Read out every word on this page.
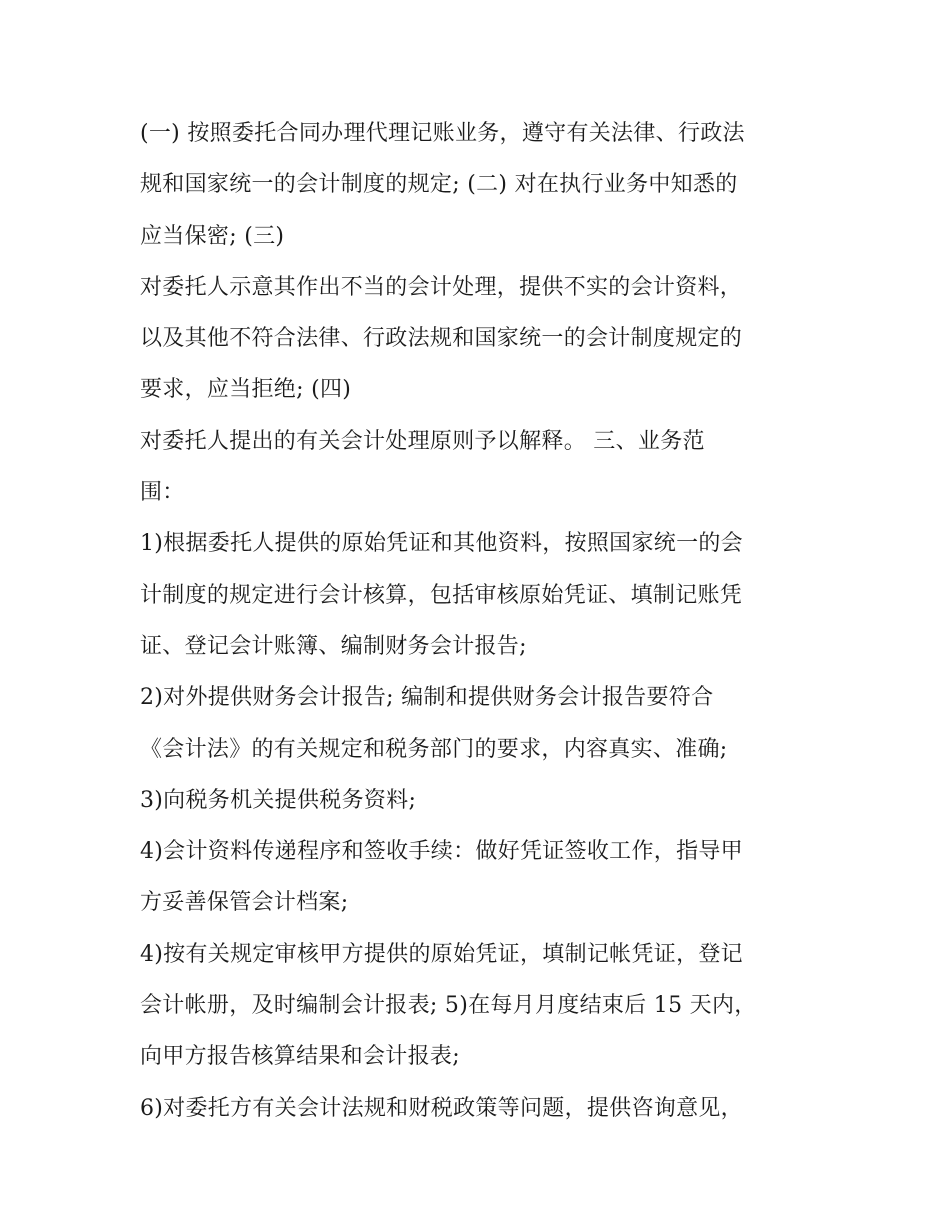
(一) 按照委托合同办理代理记账业务，遵守有关法律、行政法
规和国家统一的会计制度的规定; (二) 对在执行业务中知悉的
应当保密; (三)
对委托人示意其作出不当的会计处理，提供不实的会计资料，
以及其他不符合法律、行政法规和国家统一的会计制度规定的
要求，应当拒绝; (四)
对委托人提出的有关会计处理原则予以解释。 三、业务范
围：
1)根据委托人提供的原始凭证和其他资料，按照国家统一的会
计制度的规定进行会计核算，包括审核原始凭证、填制记账凭
证、登记会计账簿、编制财务会计报告;
2)对外提供财务会计报告; 编制和提供财务会计报告要符合
《会计法》的有关规定和税务部门的要求，内容真实、准确;
3)向税务机关提供税务资料;
4)会计资料传递程序和签收手续：做好凭证签收工作，指导甲
方妥善保管会计档案;
4)按有关规定审核甲方提供的原始凭证，填制记帐凭证，登记
会计帐册，及时编制会计报表; 5)在每月月度结束后 15 天内，
向甲方报告核算结果和会计报表;
6)对委托方有关会计法规和财税政策等问题，提供咨询意见，
